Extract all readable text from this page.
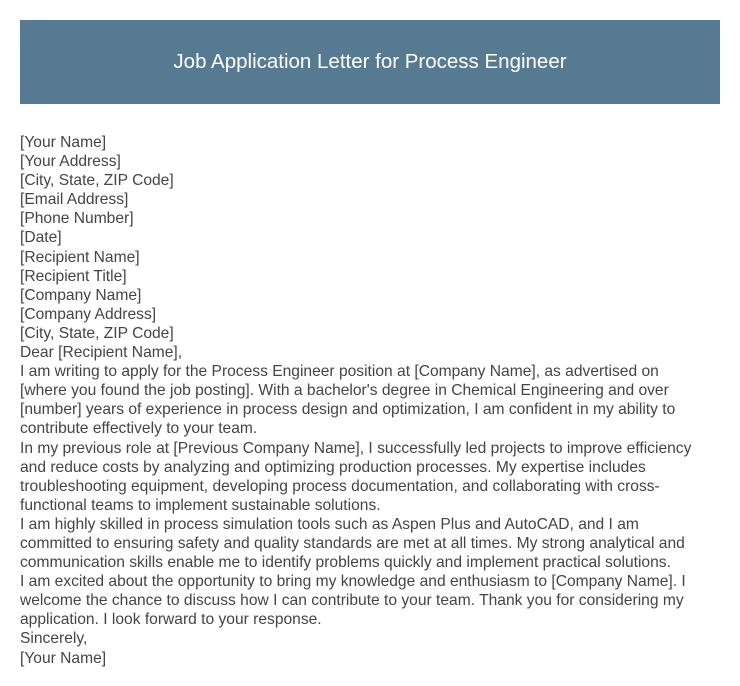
Job Application Letter for Process Engineer
[Your Name]
[Your Address]
[City, State, ZIP Code]
[Email Address]
[Phone Number]
[Date]
[Recipient Name]
[Recipient Title]
[Company Name]
[Company Address]
[City, State, ZIP Code]
Dear [Recipient Name],
I am writing to apply for the Process Engineer position at [Company Name], as advertised on
[where you found the job posting]. With a bachelor's degree in Chemical Engineering and over
[number] years of experience in process design and optimization, I am confident in my ability to
contribute effectively to your team.
In my previous role at [Previous Company Name], I successfully led projects to improve efficiency
and reduce costs by analyzing and optimizing production processes. My expertise includes
troubleshooting equipment, developing process documentation, and collaborating with cross-
functional teams to implement sustainable solutions.
I am highly skilled in process simulation tools such as Aspen Plus and AutoCAD, and I am
committed to ensuring safety and quality standards are met at all times. My strong analytical and
communication skills enable me to identify problems quickly and implement practical solutions.
I am excited about the opportunity to bring my knowledge and enthusiasm to [Company Name]. I
welcome the chance to discuss how I can contribute to your team. Thank you for considering my
application. I look forward to your response.
Sincerely,
[Your Name]
